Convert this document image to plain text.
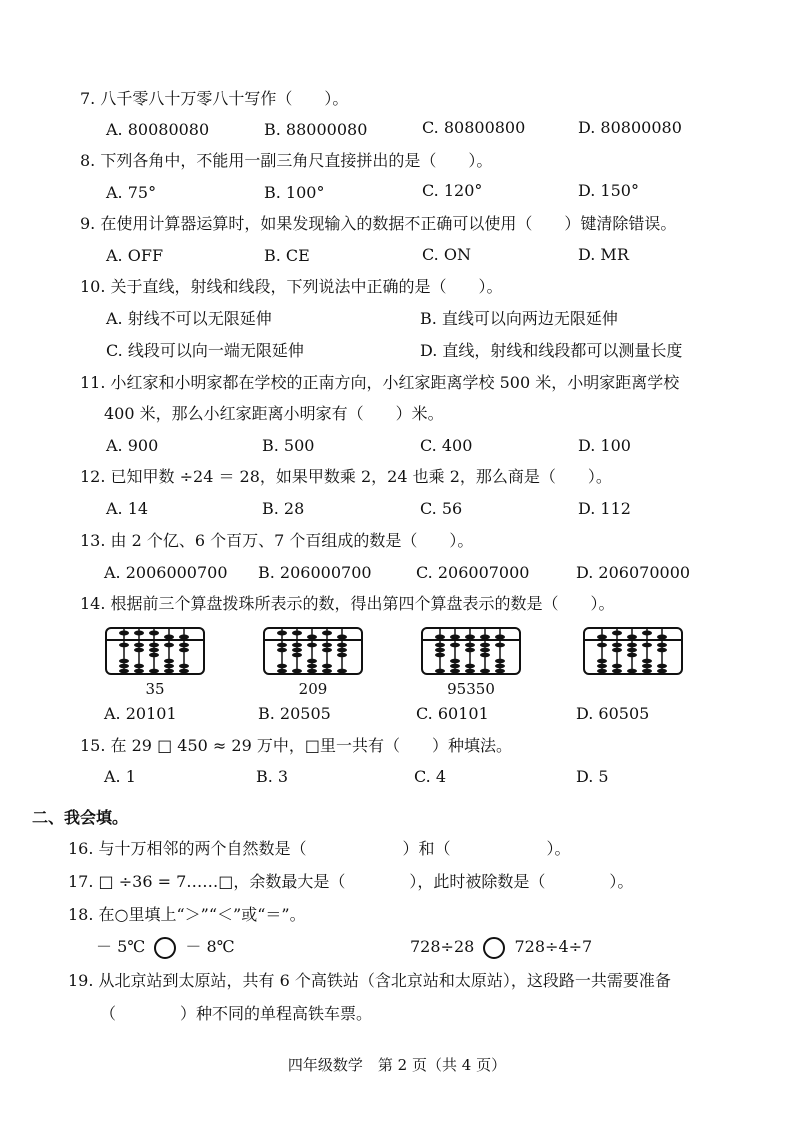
7. 八千零八十万零八十写作（　　）。
A. 80080080	B. 88000080	C. 80800800	D. 80800080
8. 下列各角中，不能用一副三角尺直接拼出的是（　　）。
A. 75°	B. 100°	C. 120°	D. 150°
9. 在使用计算器运算时，如果发现输入的数据不正确可以使用（　　）键清除错误。
A. OFF	B. CE	C. ON	D. MR
10. 关于直线，射线和线段，下列说法中正确的是（　　）。
A. 射线不可以无限延伸	B. 直线可以向两边无限延伸
C. 线段可以向一端无限延伸	D. 直线，射线和线段都可以测量长度
11. 小红家和小明家都在学校的正南方向，小红家距离学校 500 米，小明家距离学校
400 米，那么小红家距离小明家有（　　）米。
A. 900	B. 500	C. 400	D. 100
12. 已知甲数 ÷24 ＝ 28，如果甲数乘 2，24 也乘 2，那么商是（　　）。
A. 14	B. 28	C. 56	D. 112
13. 由 2 个亿、6 个百万、7 个百组成的数是（　　）。
A. 2006000700 B. 206000700	C. 206007000	D. 206070000
14. 根据前三个算盘拨珠所表示的数，得出第四个算盘表示的数是（　　）。
35	209	95350
A. 20101	B. 20505	C. 60101	D. 60505
15. 在 29 □ 450 ≈ 29 万中，□里一共有（　　）种填法。
A. 1	B. 3	C. 4	D. 5
二、我会填。
16. 与十万相邻的两个自然数是（　　　　　　）和（　　　　　　）。
17. □ ÷36 = 7……□，余数最大是（　　　　），此时被除数是（　　　　）。
18. 在○里填上“＞”“＜”或“＝”。
－ 5℃	－ 8℃	728÷28	728÷4÷7
19. 从北京站到太原站，共有 6 个高铁站（含北京站和太原站），这段路一共需要准备
（　　　　）种不同的单程高铁车票。
四年级数学　第 2 页（共 4 页）
